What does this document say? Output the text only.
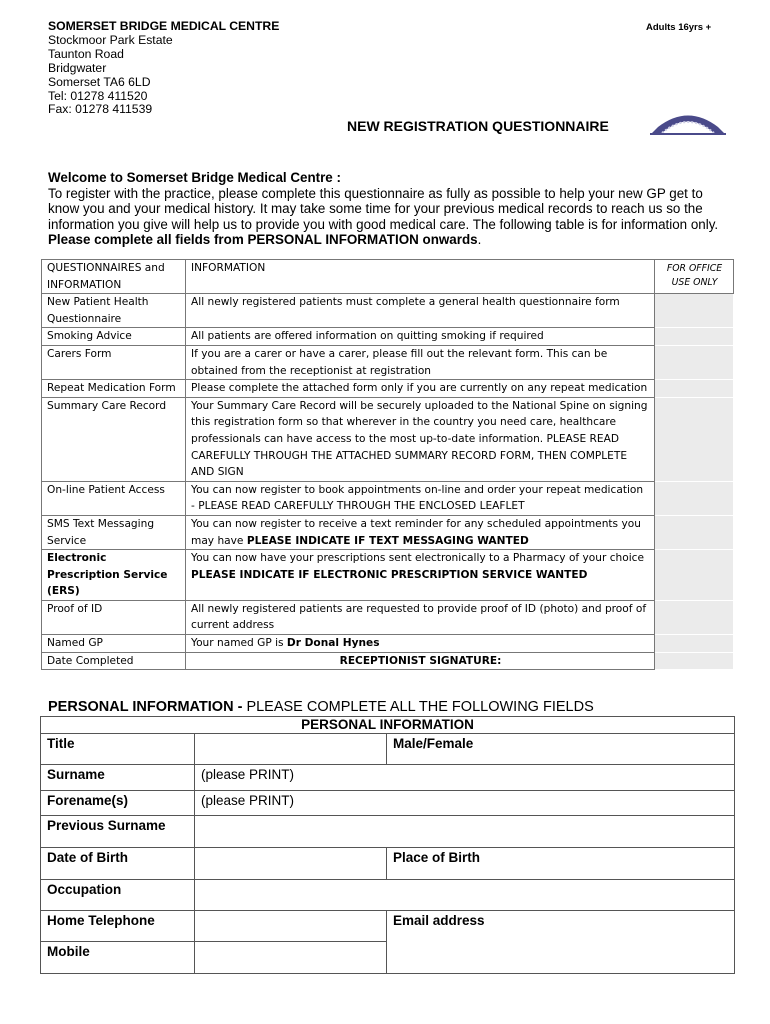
SOMERSET BRIDGE MEDICAL CENTRE
Stockmoor Park Estate
Taunton Road
Bridgwater
Somerset TA6 6LD
Tel: 01278 411520
Fax: 01278 411539
Adults 16yrs +
NEW REGISTRATION QUESTIONNAIRE
Welcome to Somerset Bridge Medical Centre :
To register with the practice, please complete this questionnaire as fully as possible to help your new GP get to know you and your medical history. It may take some time for your previous medical records to reach us so the information you give will help us to provide you with good medical care. The following table is for information only. Please complete all fields from PERSONAL INFORMATION onwards.
QUESTIONNAIRES and INFORMATION	INFORMATION	FOR OFFICE USE ONLY
New Patient Health Questionnaire	All newly registered patients must complete a general health questionnaire form	
Smoking Advice	All patients are offered information on quitting smoking if required	
Carers Form	If you are a carer or have a carer, please fill out the relevant form. This can be obtained from the receptionist at registration	
Repeat Medication Form	Please complete the attached form only if you are currently on any repeat medication	
Summary Care Record	Your Summary Care Record will be securely uploaded to the National Spine on signing this registration form so that wherever in the country you need care, healthcare professionals can have access to the most up-to-date information. PLEASE READ CAREFULLY THROUGH THE ATTACHED SUMMARY RECORD FORM, THEN COMPLETE AND SIGN	
On-line Patient Access	You can now register to book appointments on-line and order your repeat medication - PLEASE READ CAREFULLY THROUGH THE ENCLOSED LEAFLET	
SMS Text Messaging Service	You can now register to receive a text reminder for any scheduled appointments you may have PLEASE INDICATE IF TEXT MESSAGING WANTED	
Electronic Prescription Service (ERS)	You can now have your prescriptions sent electronically to a Pharmacy of your choice PLEASE INDICATE IF ELECTRONIC PRESCRIPTION SERVICE WANTED	
Proof of ID	All newly registered patients are requested to provide proof of ID (photo) and proof of current address	
Named GP	Your named GP is Dr Donal Hynes	
Date Completed	RECEPTIONIST SIGNATURE:	
PERSONAL INFORMATION - PLEASE COMPLETE ALL THE FOLLOWING FIELDS
PERSONAL INFORMATION		
Title		Male/Female
Surname	(please PRINT)	
Forename(s)	(please PRINT)	
Previous Surname		
Date of Birth		Place of Birth
Occupation		
Home Telephone		Email address
Mobile		
